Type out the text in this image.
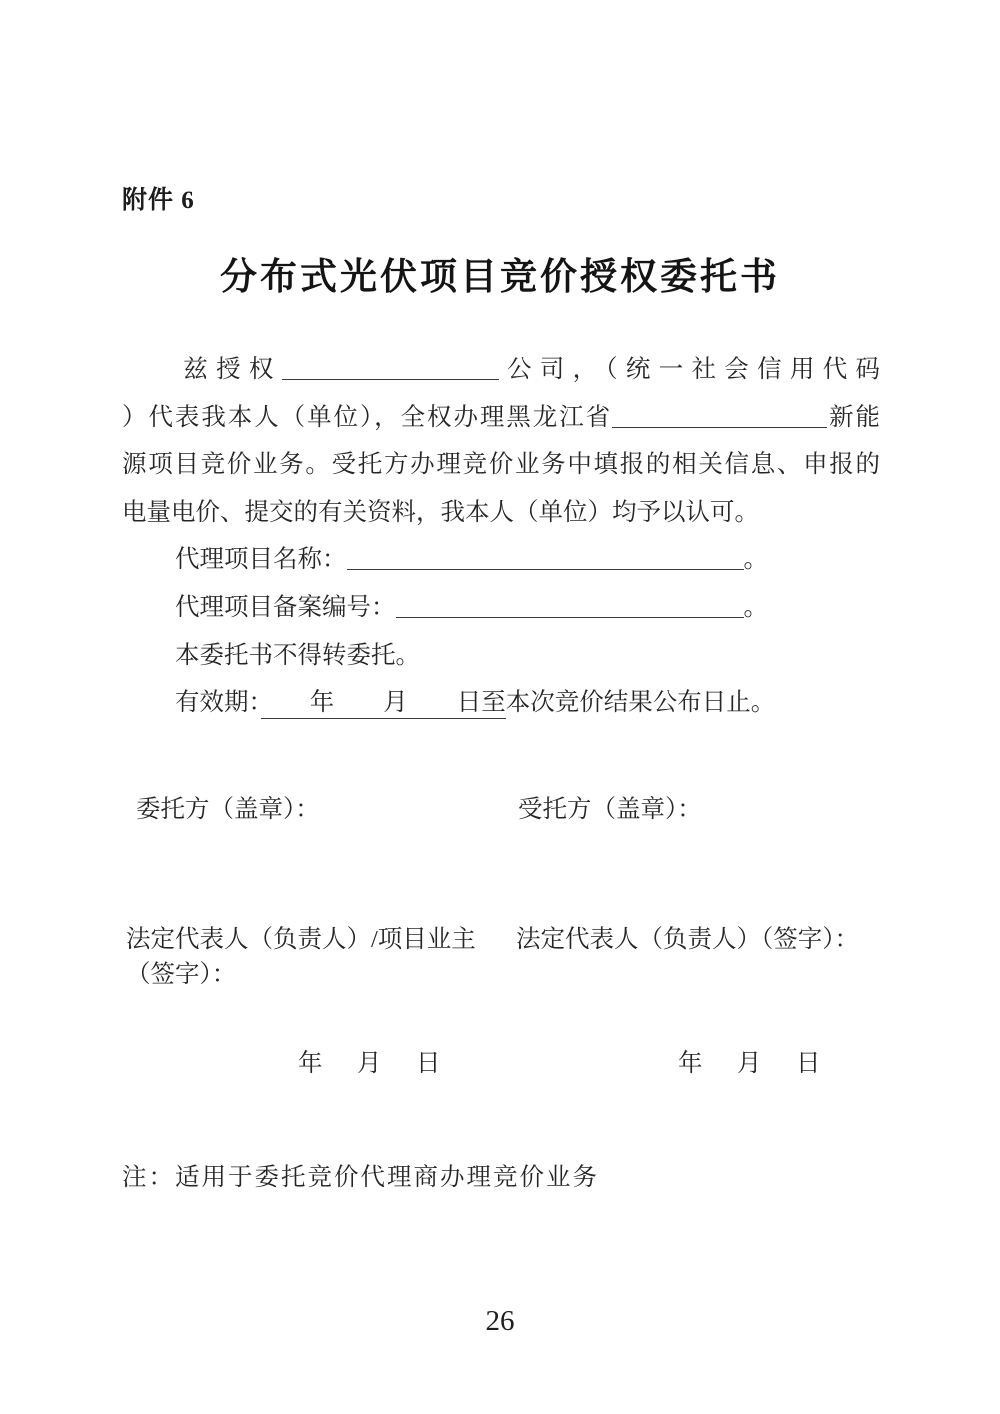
附件 6
分布式光伏项目竞价授权委托书
兹授权	公司，（统一社会信用代码
）代表我本人（单位），全权办理黑龙江省	新能
源项目竞价业务。受托方办理竞价业务中填报的相关信息、申报的
电量电价、提交的有关资料，我本人（单位）均予以认可。
代理项目名称：	。
代理项目备案编号：	。
本委托书不得转委托。
有效期：　　年　　月　　日至本次竞价结果公布日止。
委托方（盖章）：	受托方（盖章）：
法定代表人（负责人）/项目业主
（签字）：
法定代表人（负责人）（签字）：
年　月　日	年　月　日
注：适用于委托竞价代理商办理竞价业务
26
